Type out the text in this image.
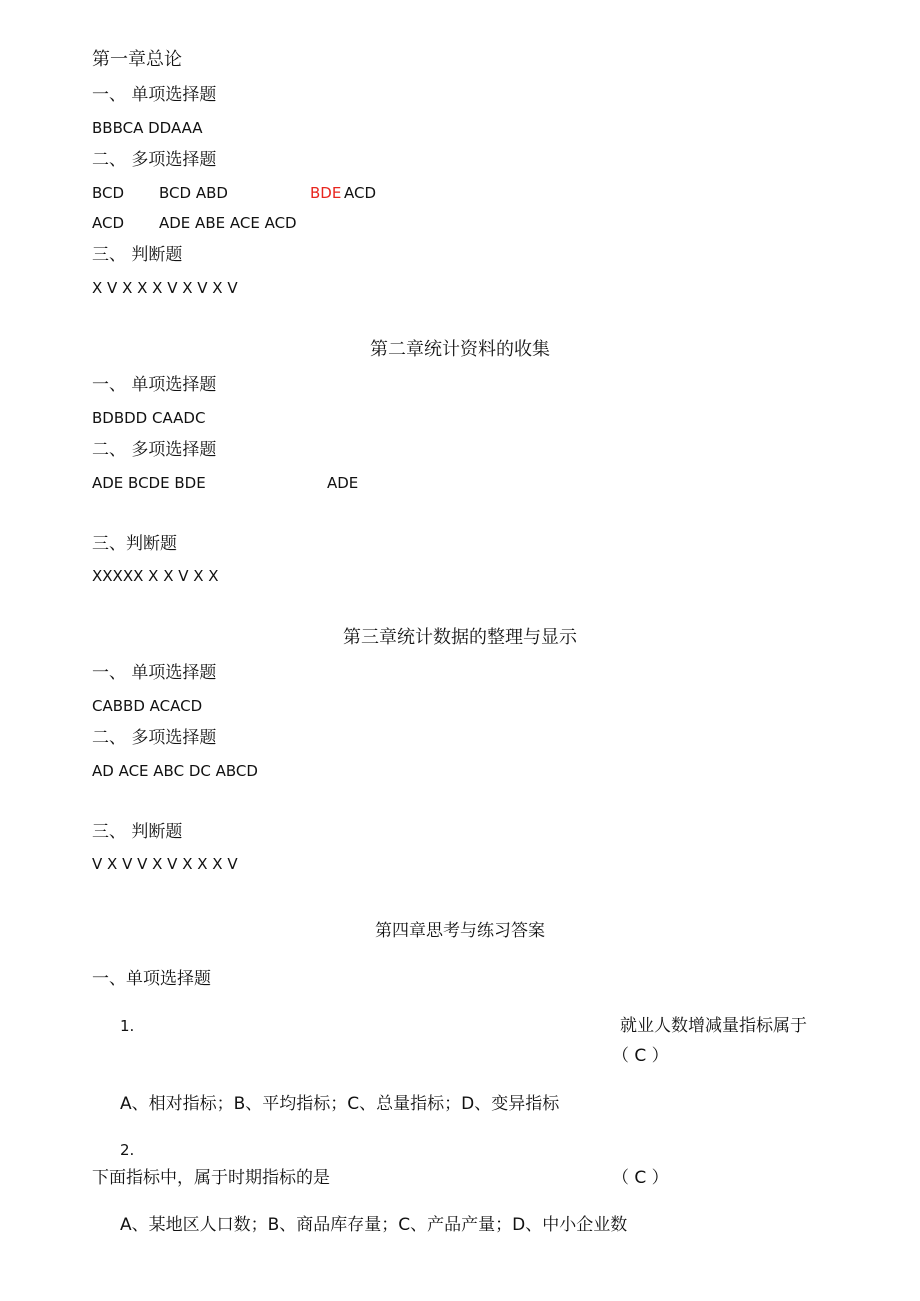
第一章总论
一、 单项选择题
BBBCA DDAAA
二、 多项选择题
BCD BCD ABD	BDE ACD
ACD ADE ABE ACE ACD
三、 判断题
X V X X X V X V X V
第二章统计资料的收集
一、 单项选择题
BDBDD CAADC
二、 多项选择题
ADE BCDE BDE	ADE
三、判断题
XXXXX X X V X X
第三章统计数据的整理与显示
一、 单项选择题
CABBD ACACD
二、 多项选择题
AD ACE ABC DC ABCD
三、 判断题
V X V V X V X X X V
第四章思考与练习答案
一、单项选择题
1.	就业人数增减量指标属于
（ C ）
A、相对指标；B、平均指标；C、总量指标；D、变异指标
2.
下面指标中，属于时期指标的是	（ C ）
A、某地区人口数；B、商品库存量；C、产品产量；D、中小企业数
